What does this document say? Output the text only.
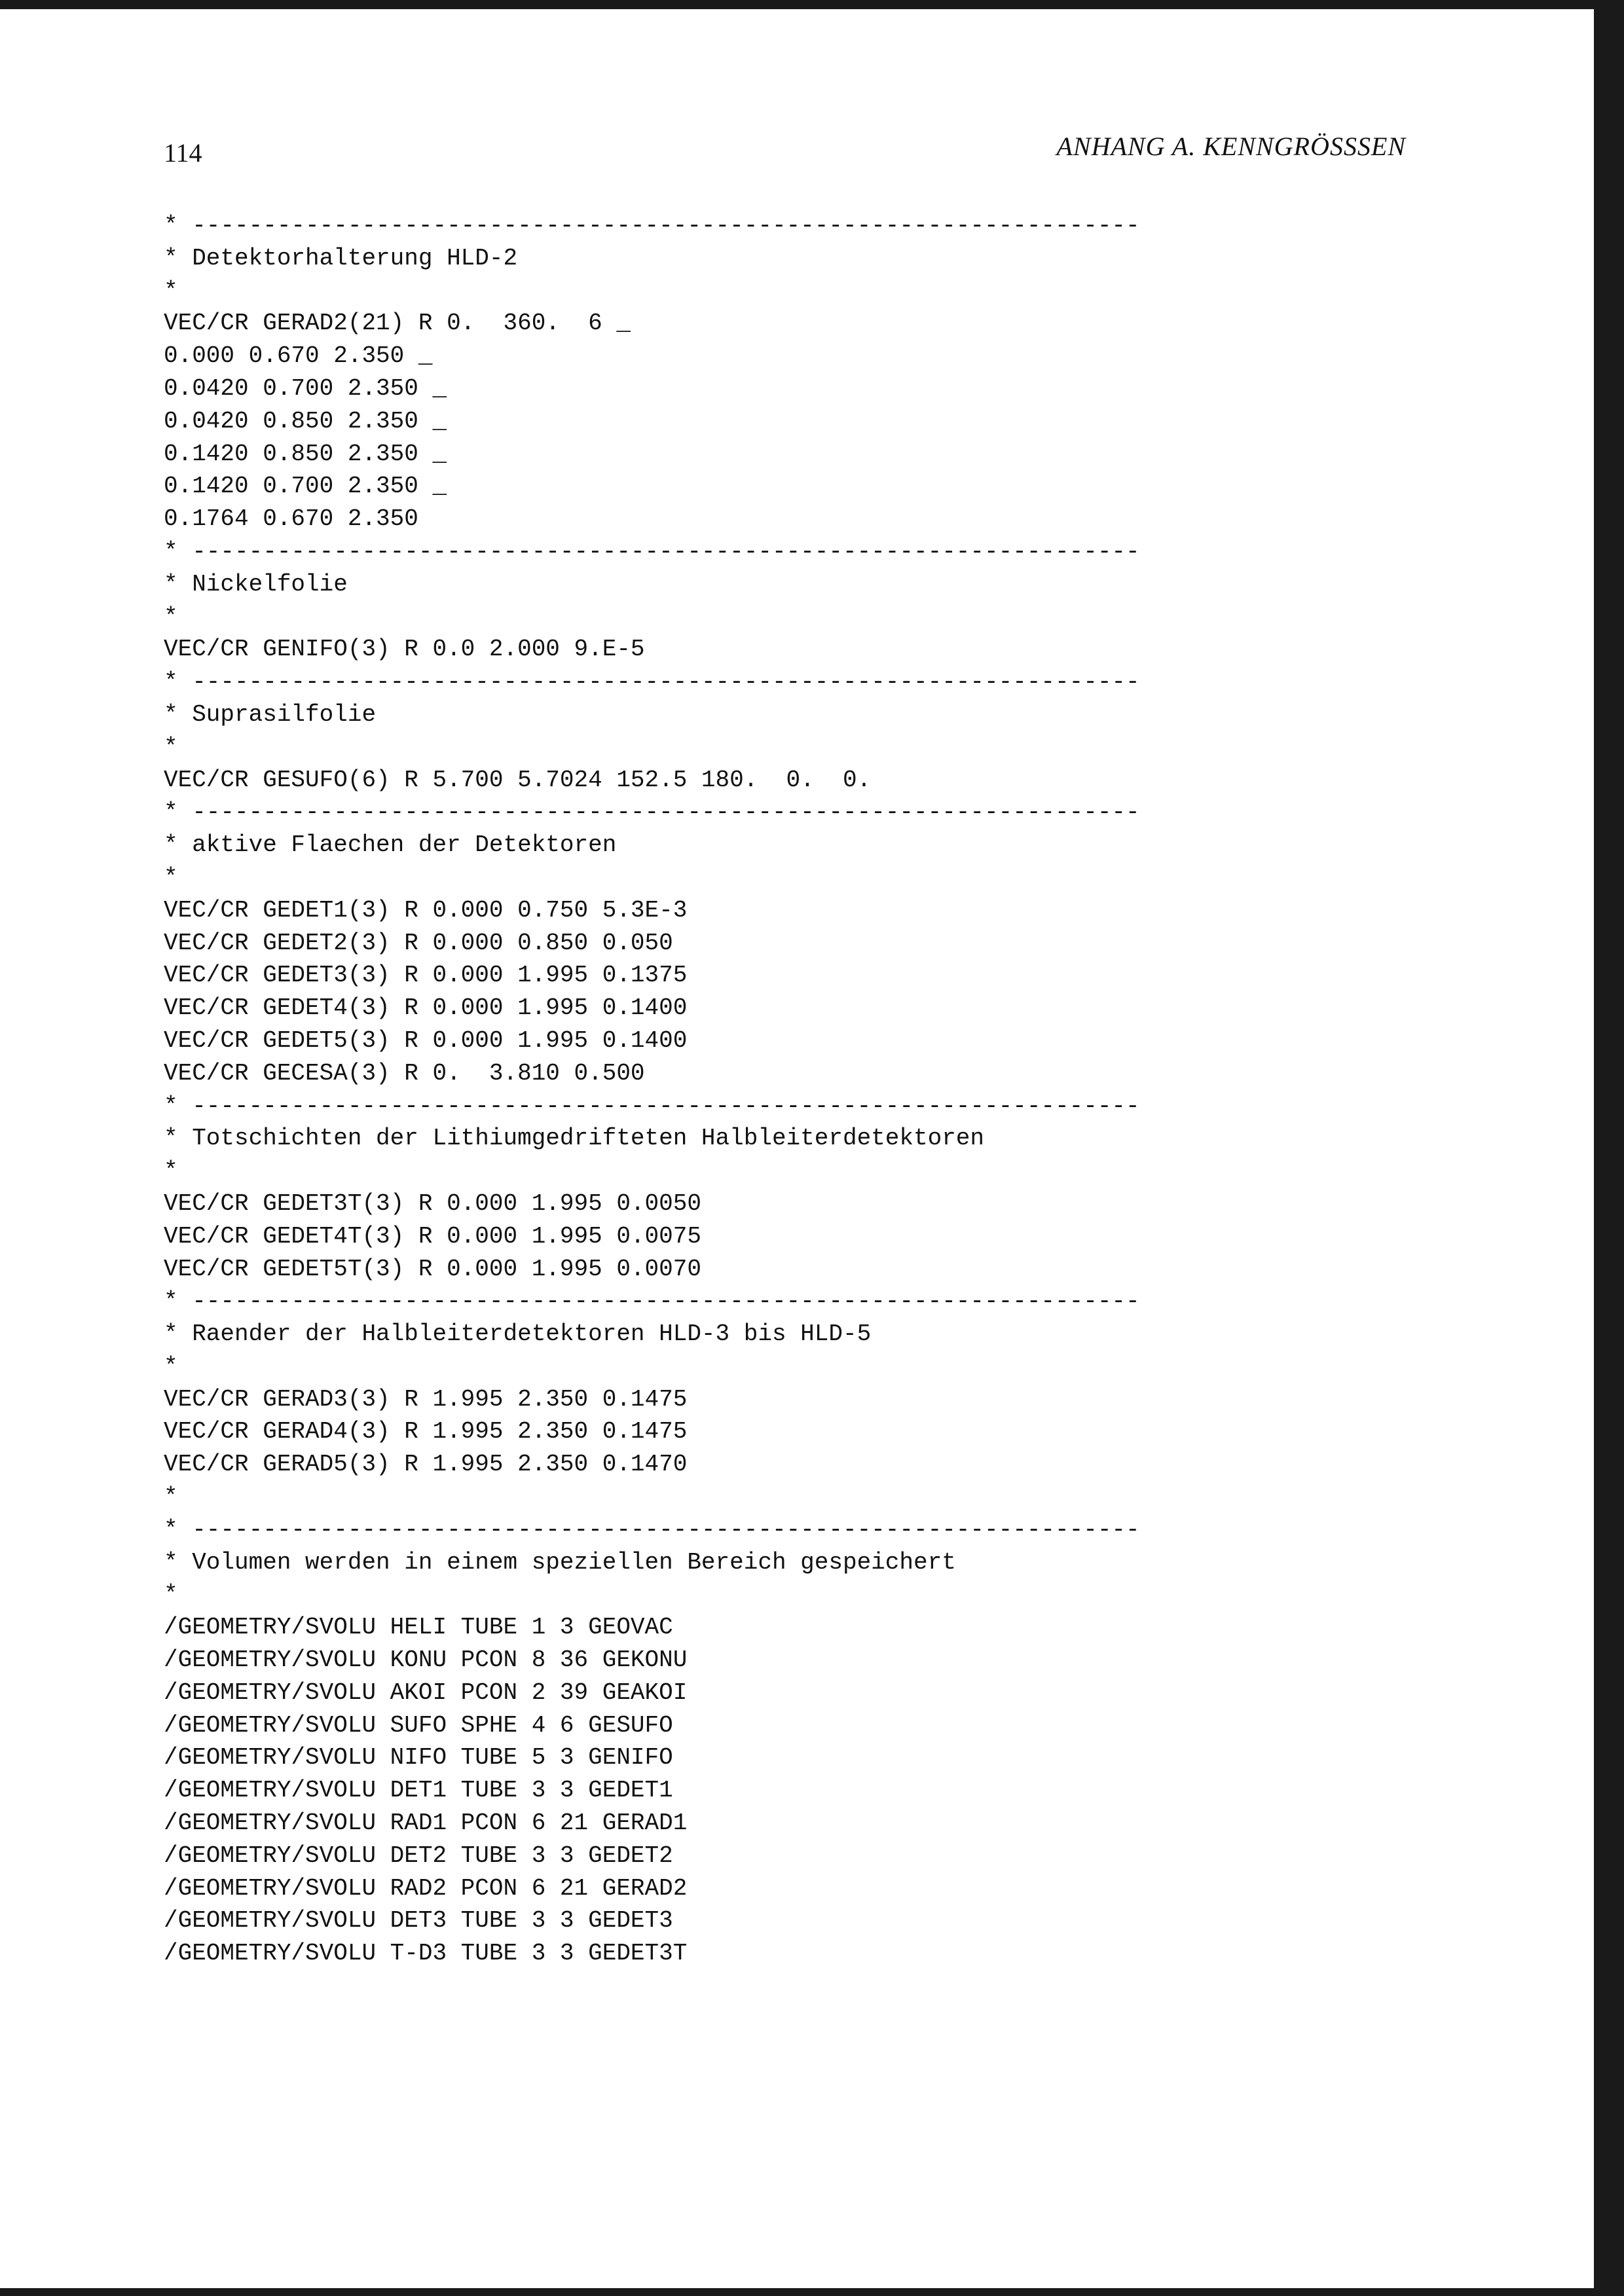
114	ANHANG A. KENNGRÖSSSEN
* -------------------------------------------------------------------
* Detektorhalterung HLD-2
*
VEC/CR GERAD2(21) R 0.  360.  6 _
0.000 0.670 2.350 _
0.0420 0.700 2.350 _
0.0420 0.850 2.350 _
0.1420 0.850 2.350 _
0.1420 0.700 2.350 _
0.1764 0.670 2.350
* -------------------------------------------------------------------
* Nickelfolie
*
VEC/CR GENIFO(3) R 0.0 2.000 9.E-5
* -------------------------------------------------------------------
* Suprasilfolie
*
VEC/CR GESUFO(6) R 5.700 5.7024 152.5 180.  0.  0.
* -------------------------------------------------------------------
* aktive Flaechen der Detektoren
*
VEC/CR GEDET1(3) R 0.000 0.750 5.3E-3
VEC/CR GEDET2(3) R 0.000 0.850 0.050
VEC/CR GEDET3(3) R 0.000 1.995 0.1375
VEC/CR GEDET4(3) R 0.000 1.995 0.1400
VEC/CR GEDET5(3) R 0.000 1.995 0.1400
VEC/CR GECESA(3) R 0.  3.810 0.500
* -------------------------------------------------------------------
* Totschichten der Lithiumgedrifteten Halbleiterdetektoren
*
VEC/CR GEDET3T(3) R 0.000 1.995 0.0050
VEC/CR GEDET4T(3) R 0.000 1.995 0.0075
VEC/CR GEDET5T(3) R 0.000 1.995 0.0070
* -------------------------------------------------------------------
* Raender der Halbleiterdetektoren HLD-3 bis HLD-5
*
VEC/CR GERAD3(3) R 1.995 2.350 0.1475
VEC/CR GERAD4(3) R 1.995 2.350 0.1475
VEC/CR GERAD5(3) R 1.995 2.350 0.1470
*
* -------------------------------------------------------------------
* Volumen werden in einem speziellen Bereich gespeichert
*
/GEOMETRY/SVOLU HELI TUBE 1 3 GEOVAC
/GEOMETRY/SVOLU KONU PCON 8 36 GEKONU
/GEOMETRY/SVOLU AKOI PCON 2 39 GEAKOI
/GEOMETRY/SVOLU SUFO SPHE 4 6 GESUFO
/GEOMETRY/SVOLU NIFO TUBE 5 3 GENIFO
/GEOMETRY/SVOLU DET1 TUBE 3 3 GEDET1
/GEOMETRY/SVOLU RAD1 PCON 6 21 GERAD1
/GEOMETRY/SVOLU DET2 TUBE 3 3 GEDET2
/GEOMETRY/SVOLU RAD2 PCON 6 21 GERAD2
/GEOMETRY/SVOLU DET3 TUBE 3 3 GEDET3
/GEOMETRY/SVOLU T-D3 TUBE 3 3 GEDET3T
